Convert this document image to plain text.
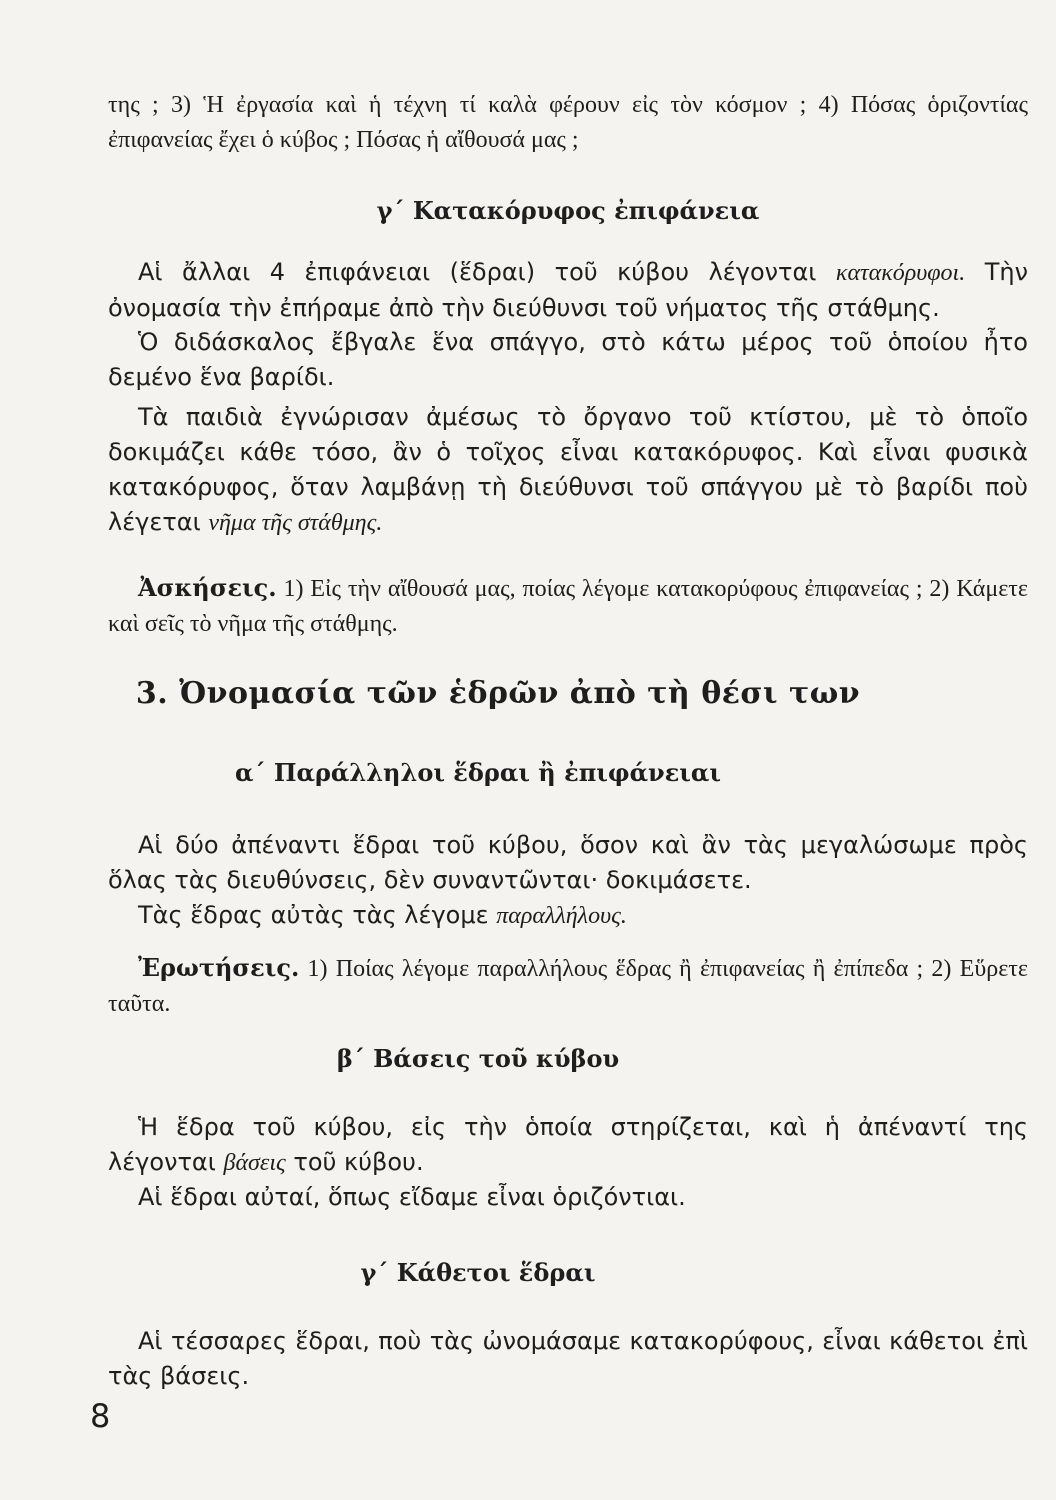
της ; 3) Ἡ ἐργασία καὶ ἡ τέχνη τί καλὰ φέρουν εἰς τὸν κόσμον ; 4) Πόσας ὁριζοντίας ἐπιφανείας ἔχει ὁ κύβος ; Πόσας ἡ αἴθουσά μας ;

γ΄ Κατακόρυφος ἐπιφάνεια

Αἱ ἄλλαι 4 ἐπιφάνειαι (ἕδραι) τοῦ κύβου λέγονται κατακόρυφοι. Τὴν ὀνομασία τὴν ἐπήραμε ἀπὸ τὴν διεύθυνσι τοῦ νήματος τῆς στάθμης.

Ὁ διδάσκαλος ἔβγαλε ἕνα σπάγγο, στὸ κάτω μέρος τοῦ ὁποίου ἦτο δεμένο ἕνα βαρίδι.

Τὰ παιδιὰ ἐγνώρισαν ἀμέσως τὸ ὄργανο τοῦ κτίστου, μὲ τὸ ὁποῖο δοκιμάζει κάθε τόσο, ἂν ὁ τοῖχος εἶναι κατακόρυφος. Καὶ εἶναι φυσικὰ κατακόρυφος, ὅταν λαμβάνῃ τὴ διεύθυνσι τοῦ σπάγγου μὲ τὸ βαρίδι ποὺ λέγεται νῆμα τῆς στάθμης.

Ἀσκήσεις. 1) Εἰς τὴν αἴθουσά μας, ποίας λέγομε κατακορύφους ἐπιφανείας ; 2) Κάμετε καὶ σεῖς τὸ νῆμα τῆς στάθμης.

3. Ὀνομασία τῶν ἑδρῶν ἀπὸ τὴ θέσι των
α΄ Παράλληλοι ἕδραι ἢ ἐπιφάνειαι

Αἱ δύο ἀπέναντι ἕδραι τοῦ κύβου, ὅσον καὶ ἂν τὰς μεγαλώσωμε πρὸς ὅλας τὰς διευθύνσεις, δὲν συναντῶνται· δοκιμάσετε.

Τὰς ἕδρας αὐτὰς τὰς λέγομε παραλλήλους.

Ἐρωτήσεις. 1) Ποίας λέγομε παραλλήλους ἕδρας ἢ ἐπιφανείας ἢ ἐπίπεδα ; 2) Εὕρετε ταῦτα.

β΄ Βάσεις τοῦ κύβου

Ἡ ἕδρα τοῦ κύβου, εἰς τὴν ὁποία στηρίζεται, καὶ ἡ ἀπέναντί της λέγονται βάσεις τοῦ κύβου.

Αἱ ἕδραι αὐταί, ὅπως εἴδαμε εἶναι ὁριζόντιαι.

γ΄ Κάθετοι ἕδραι

Αἱ τέσσαρες ἕδραι, ποὺ τὰς ὠνομάσαμε κατακορύφους, εἶναι κάθετοι ἐπὶ τὰς βάσεις.

8
